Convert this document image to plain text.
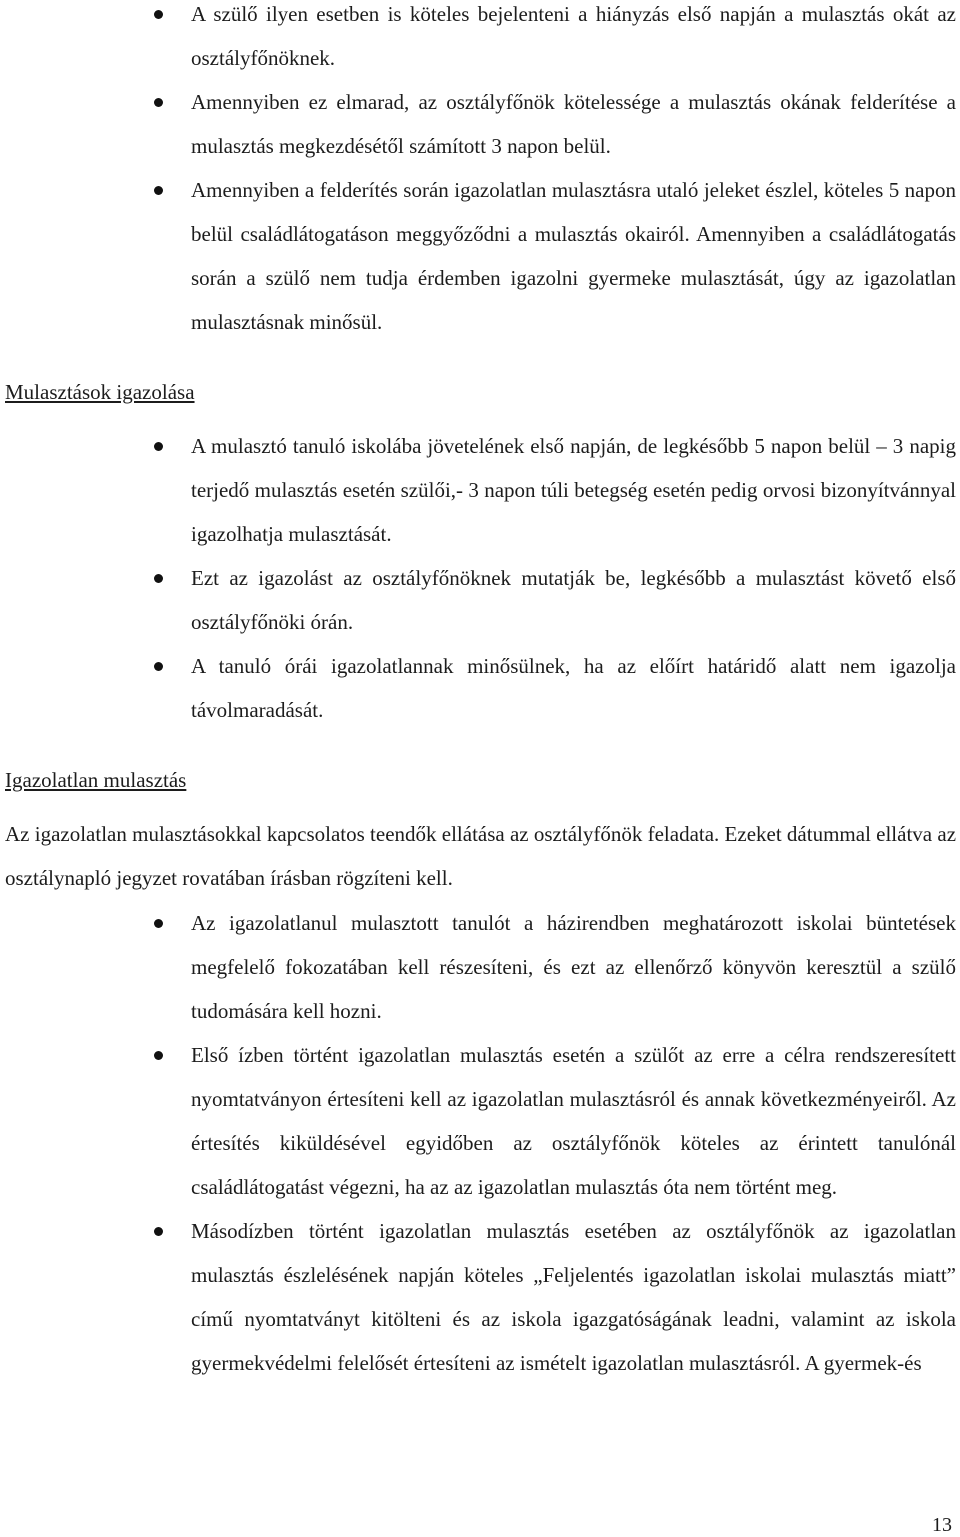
A szülő ilyen esetben is köteles bejelenteni a hiányzás első napján a mulasztás okát az osztályfőnöknek.
Amennyiben ez elmarad, az osztályfőnök kötelessége a mulasztás okának felderítése a mulasztás megkezdésétől számított 3 napon belül.
Amennyiben a felderítés során igazolatlan mulasztásra utaló jeleket észlel, köteles 5 napon belül családlátogatáson meggyőződni a mulasztás okairól. Amennyiben a családlátogatás során a szülő nem tudja érdemben igazolni gyermeke mulasztását, úgy az igazolatlan mulasztásnak minősül.
Mulasztások igazolása
A mulasztó tanuló iskolába jövetelének első napján, de legkésőbb 5 napon belül – 3 napig terjedő mulasztás esetén szülői,- 3 napon túli betegség esetén pedig orvosi bizonyítvánnyal igazolhatja mulasztását.
Ezt az igazolást az osztályfőnöknek mutatják be, legkésőbb a mulasztást követő első osztályfőnöki órán.
A tanuló órái igazolatlannak minősülnek, ha az előírt határidő alatt nem igazolja távolmaradását.
Igazolatlan mulasztás
Az igazolatlan mulasztásokkal kapcsolatos teendők ellátása az osztályfőnök feladata. Ezeket dátummal ellátva az osztálynapló jegyzet rovatában írásban rögzíteni kell.
Az igazolatlanul mulasztott tanulót a házirendben meghatározott iskolai büntetések megfelelő fokozatában kell részesíteni, és ezt az ellenőrző könyvön keresztül a szülő tudomására kell hozni.
Első ízben történt igazolatlan mulasztás esetén a szülőt az erre a célra rendszeresített nyomtatványon értesíteni kell az igazolatlan mulasztásról és annak következményeiről. Az értesítés kiküldésével egyidőben az osztályfőnök köteles az érintett tanulónál családlátogatást végezni, ha az az igazolatlan mulasztás óta nem történt meg.
Másodízben történt igazolatlan mulasztás esetében az osztályfőnök az igazolatlan mulasztás észlelésének napján köteles „Feljelentés igazolatlan iskolai mulasztás miatt” című nyomtatványt kitölteni és az iskola igazgatóságának leadni, valamint az iskola gyermekvédelmi felelősét értesíteni az ismételt igazolatlan mulasztásról. A gyermek-és
13
